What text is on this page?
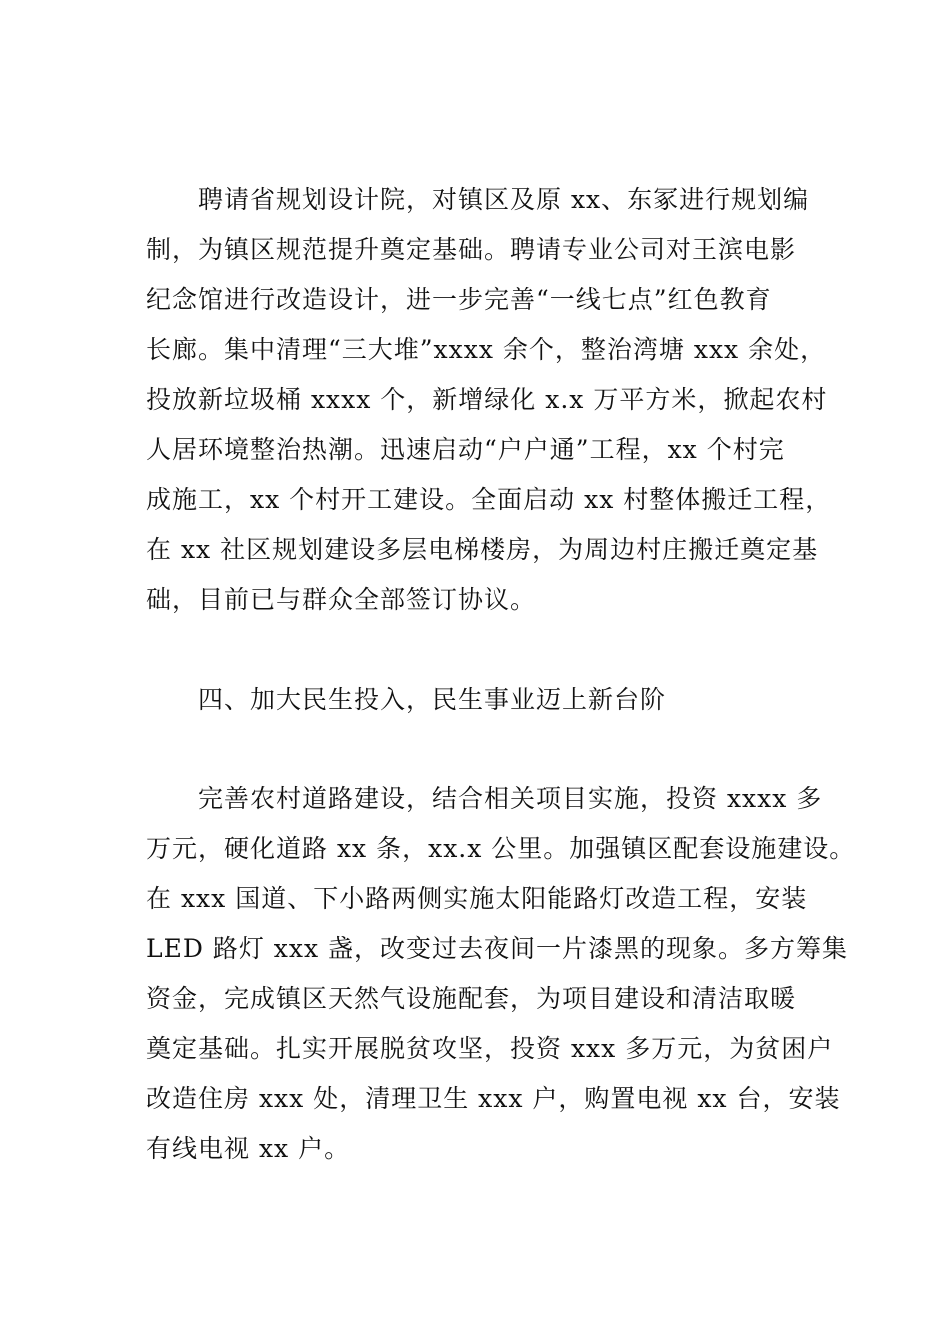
聘请省规划设计院，对镇区及原 xx、东冢进行规划编
制，为镇区规范提升奠定基础。聘请专业公司对王滨电影
纪念馆进行改造设计，进一步完善“一线七点”红色教育
长廊。集中清理“三大堆”xxxx 余个，整治湾塘 xxx 余处，
投放新垃圾桶 xxxx 个，新增绿化 x.x 万平方米，掀起农村
人居环境整治热潮。迅速启动“户户通”工程，xx 个村完
成施工，xx 个村开工建设。全面启动 xx 村整体搬迁工程，
在 xx 社区规划建设多层电梯楼房，为周边村庄搬迁奠定基
础，目前已与群众全部签订协议。
四、加大民生投入，民生事业迈上新台阶
完善农村道路建设，结合相关项目实施，投资 xxxx 多
万元，硬化道路 xx 条，xx.x 公里。加强镇区配套设施建设。
在 xxx 国道、下小路两侧实施太阳能路灯改造工程，安装
LED 路灯 xxx 盏，改变过去夜间一片漆黑的现象。多方筹集
资金，完成镇区天然气设施配套，为项目建设和清洁取暖
奠定基础。扎实开展脱贫攻坚，投资 xxx 多万元，为贫困户
改造住房 xxx 处，清理卫生 xxx 户，购置电视 xx 台，安装
有线电视 xx 户。
